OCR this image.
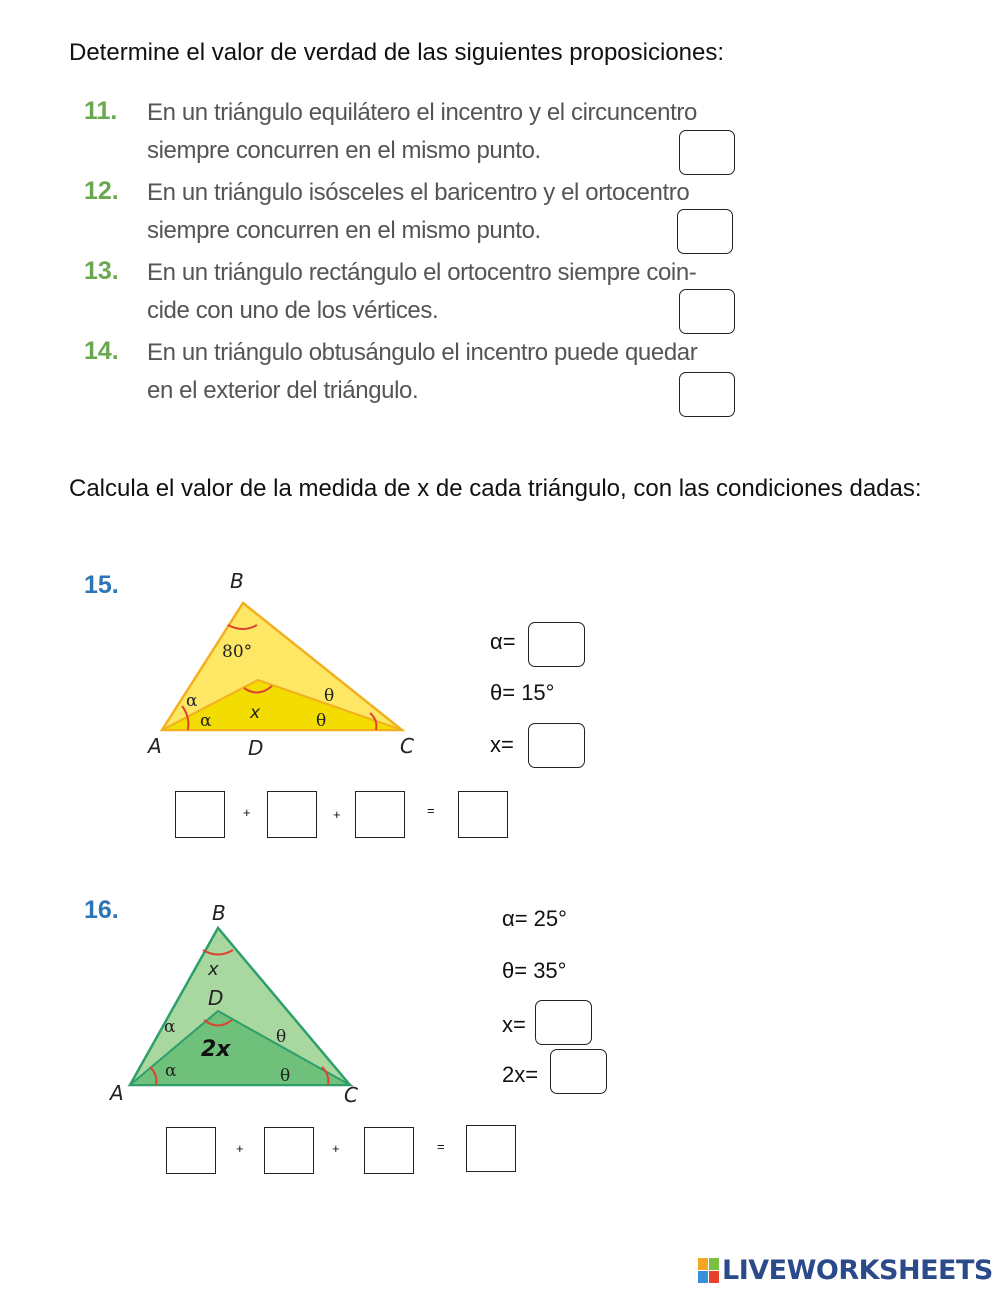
Determine el valor de verdad de las siguientes proposiciones:
11. En un triángulo equilátero el incentro y el circuncentro
siempre concurren en el mismo punto.
12. En un triángulo isósceles el baricentro y el ortocentro
siempre concurren en el mismo punto.
13. En un triángulo rectángulo el ortocentro siempre coin-
cide con uno de los vértices.
14. En un triángulo obtusángulo el incentro puede quedar
en el exterior del triángulo.
Calcula el valor de la medida de x de cada triángulo, con las condiciones dadas:
15.	B
A	C
D
80°
x
α
α
θ
θ
α=
θ= 15°
x=
+	+	=
16.	B
A	C
D
x
2x
α
α
θ
θ
α= 25°
θ= 35°
x=
2x=
+	+	=
LIVEWORKSHEETS
